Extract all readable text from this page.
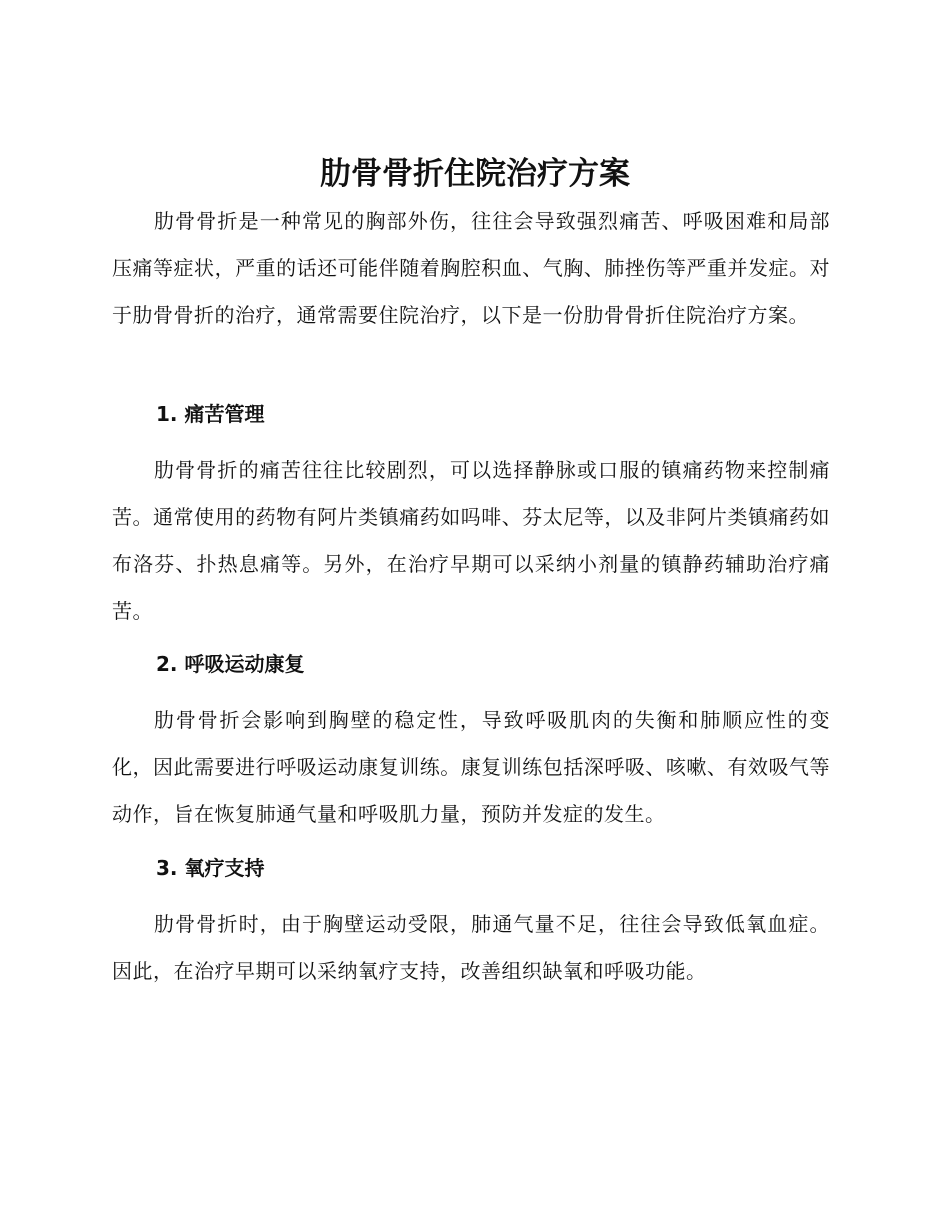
肋骨骨折住院治疗方案

肋骨骨折是一种常见的胸部外伤，往往会导致强烈痛苦、呼吸困难和局部压痛等症状，严重的话还可能伴随着胸腔积血、气胸、肺挫伤等严重并发症。对于肋骨骨折的治疗，通常需要住院治疗，以下是一份肋骨骨折住院治疗方案。

1. 痛苦管理

肋骨骨折的痛苦往往比较剧烈，可以选择静脉或口服的镇痛药物来控制痛苦。通常使用的药物有阿片类镇痛药如吗啡、芬太尼等，以及非阿片类镇痛药如布洛芬、扑热息痛等。另外，在治疗早期可以采纳小剂量的镇静药辅助治疗痛苦。

2. 呼吸运动康复

肋骨骨折会影响到胸壁的稳定性，导致呼吸肌肉的失衡和肺顺应性的变化，因此需要进行呼吸运动康复训练。康复训练包括深呼吸、咳嗽、有效吸气等动作，旨在恢复肺通气量和呼吸肌力量，预防并发症的发生。

3. 氧疗支持

肋骨骨折时，由于胸壁运动受限，肺通气量不足，往往会导致低氧血症。因此，在治疗早期可以采纳氧疗支持，改善组织缺氧和呼吸功能。
